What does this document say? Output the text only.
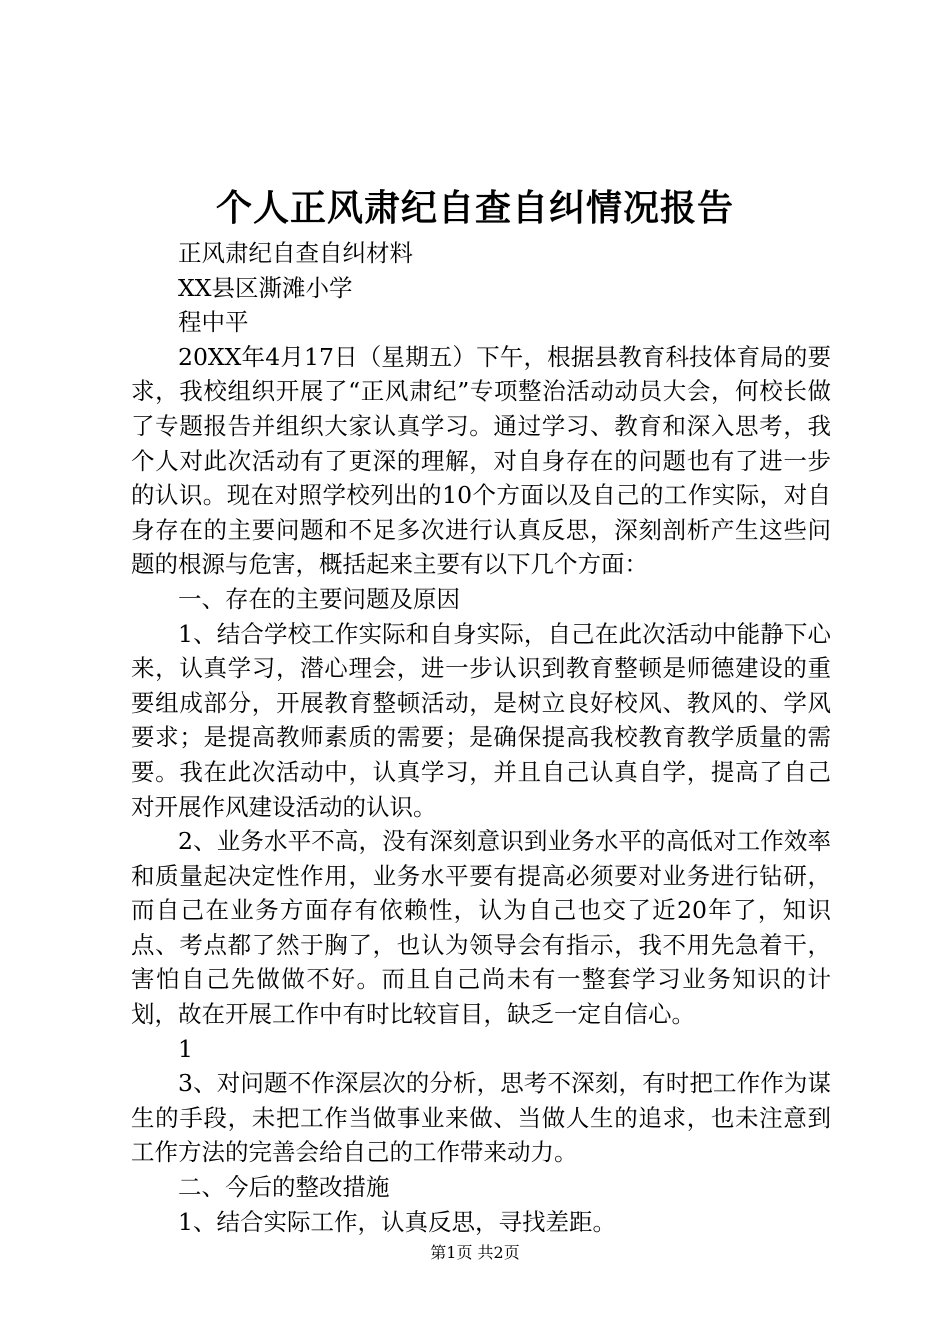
个人正风肃纪自查自纠情况报告

正风肃纪自查自纠材料

XX县区澌滩小学

程中平

20XX年4月17日（星期五）下午，根据县教育科技体育局的要求，我校组织开展了“正风肃纪”专项整治活动动员大会，何校长做了专题报告并组织大家认真学习。通过学习、教育和深入思考，我个人对此次活动有了更深的理解，对自身存在的问题也有了进一步的认识。现在对照学校列出的10个方面以及自己的工作实际，对自身存在的主要问题和不足多次进行认真反思，深刻剖析产生这些问题的根源与危害，概括起来主要有以下几个方面：

一、存在的主要问题及原因

1、结合学校工作实际和自身实际，自己在此次活动中能静下心来，认真学习，潜心理会，进一步认识到教育整顿是师德建设的重要组成部分，开展教育整顿活动，是树立良好校风、教风的、学风要求；是提高教师素质的需要；是确保提高我校教育教学质量的需要。我在此次活动中，认真学习，并且自己认真自学，提高了自己对开展作风建设活动的认识。

2、业务水平不高，没有深刻意识到业务水平的高低对工作效率和质量起决定性作用，业务水平要有提高必须要对业务进行钻研，而自己在业务方面存有依赖性，认为自己也交了近20年了，知识点、考点都了然于胸了，也认为领导会有指示，我不用先急着干，害怕自己先做做不好。而且自己尚未有一整套学习业务知识的计划，故在开展工作中有时比较盲目，缺乏一定自信心。

1

3、对问题不作深层次的分析，思考不深刻，有时把工作作为谋生的手段，未把工作当做事业来做、当做人生的追求，也未注意到工作方法的完善会给自己的工作带来动力。

二、今后的整改措施

1、结合实际工作，认真反思，寻找差距。

第1页 共2页
